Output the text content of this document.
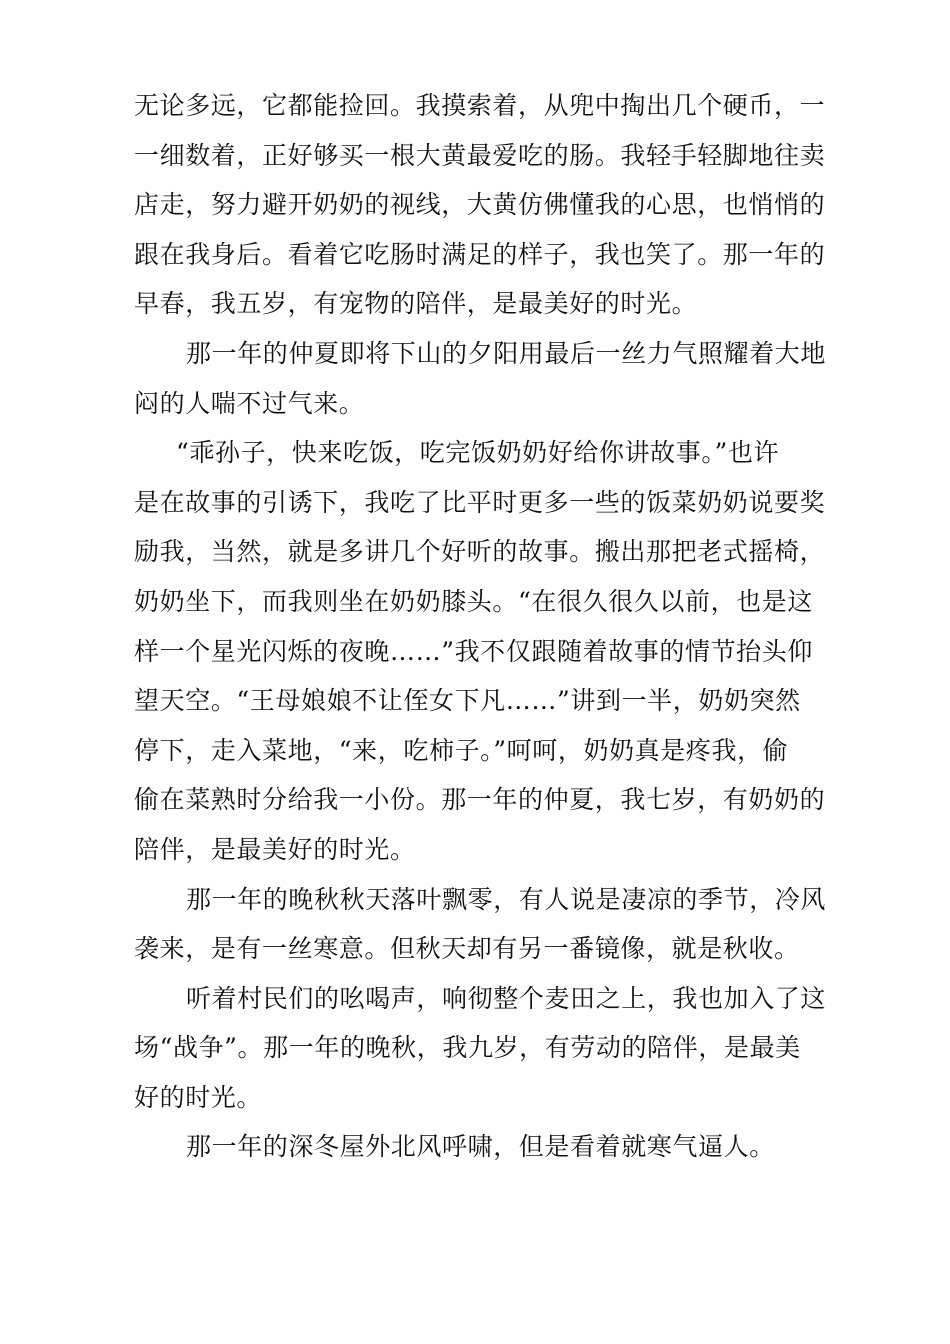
无论多远，它都能捡回。我摸索着，从兜中掏出几个硬币，一
一细数着，正好够买一根大黄最爱吃的肠。我轻手轻脚地往卖
店走，努力避开奶奶的视线，大黄仿佛懂我的心思，也悄悄的
跟在我身后。看着它吃肠时满足的样子，我也笑了。那一年的
早春，我五岁，有宠物的陪伴，是最美好的时光。

那一年的仲夏即将下山的夕阳用最后一丝力气照耀着大地
闷的人喘不过气来。

“乖孙子，快来吃饭，吃完饭奶奶好给你讲故事。”也许
是在故事的引诱下，我吃了比平时更多一些的饭菜奶奶说要奖
励我，当然，就是多讲几个好听的故事。搬出那把老式摇椅，
奶奶坐下，而我则坐在奶奶膝头。“在很久很久以前，也是这
样一个星光闪烁的夜晚……”我不仅跟随着故事的情节抬头仰
望天空。“王母娘娘不让侄女下凡……”讲到一半，奶奶突然
停下，走入菜地，“来，吃柿子。”呵呵，奶奶真是疼我，偷
偷在菜熟时分给我一小份。那一年的仲夏，我七岁，有奶奶的
陪伴，是最美好的时光。

那一年的晚秋秋天落叶飘零，有人说是凄凉的季节，冷风
袭来，是有一丝寒意。但秋天却有另一番镜像，就是秋收。

听着村民们的吆喝声，响彻整个麦田之上，我也加入了这
场“战争”。那一年的晚秋，我九岁，有劳动的陪伴，是最美
好的时光。

那一年的深冬屋外北风呼啸，但是看着就寒气逼人。
